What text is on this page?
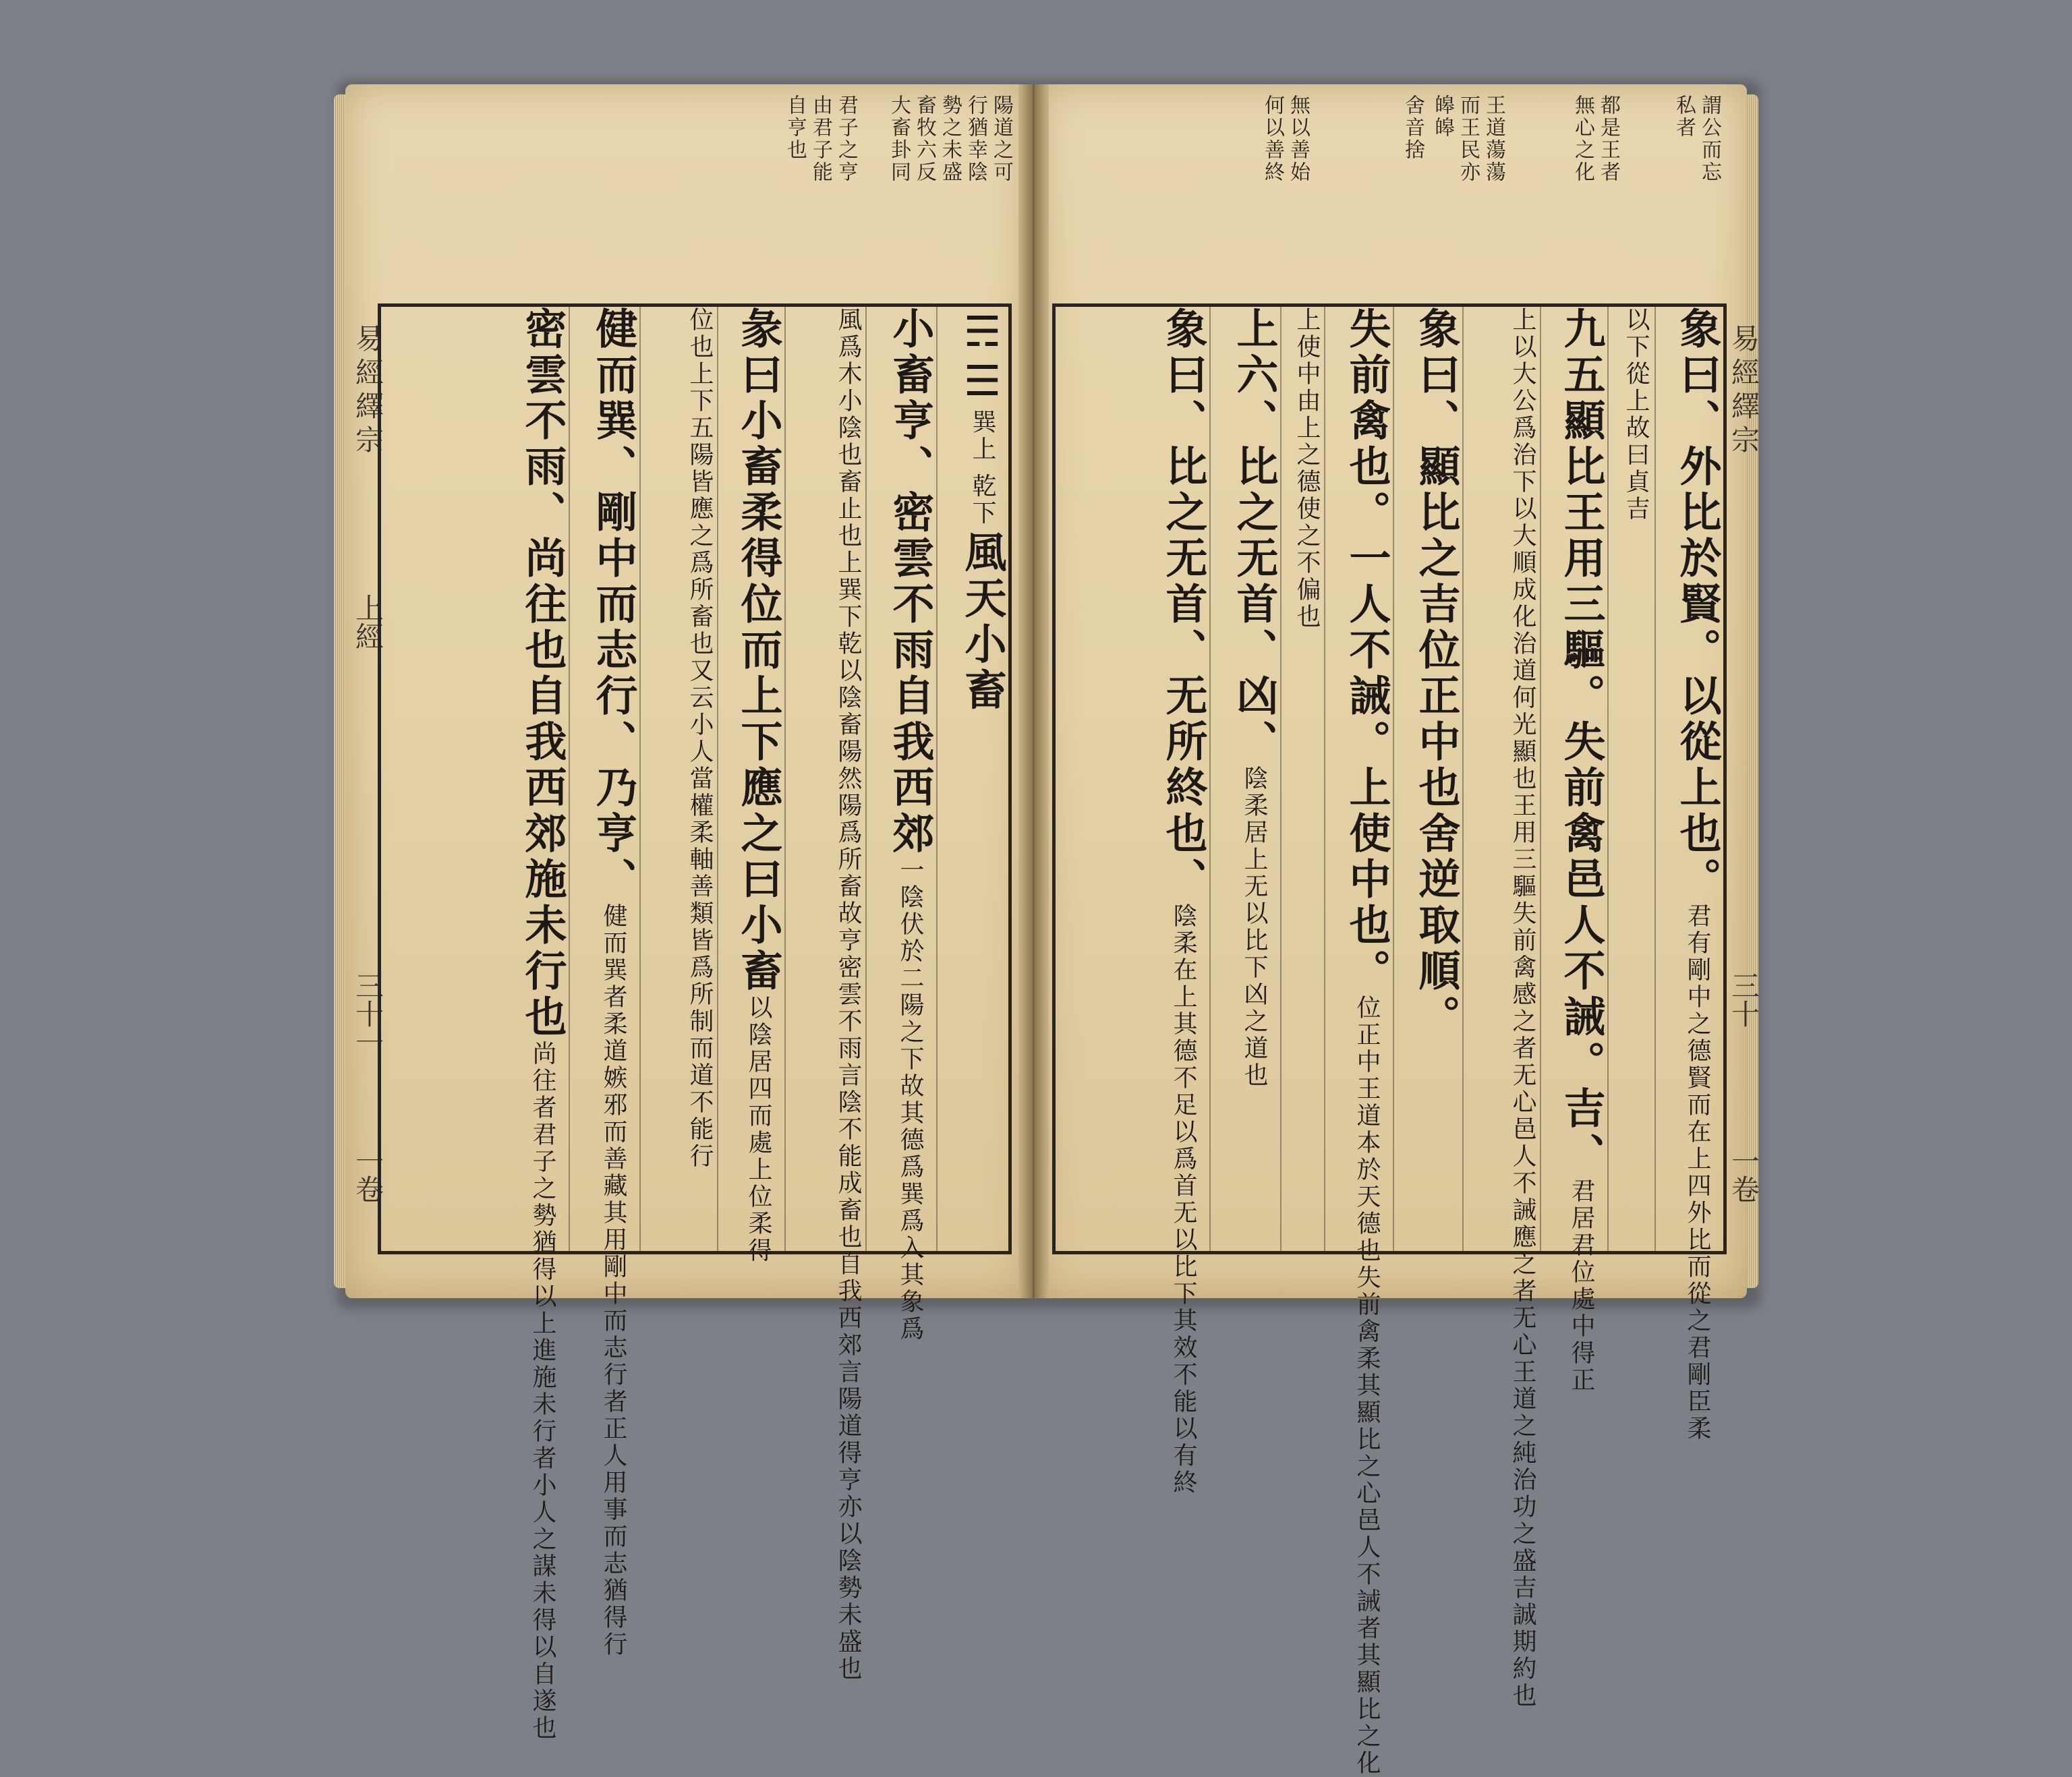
謂公而忘
私者
都是王者
無心之化
王道蕩蕩
而王民亦
皞皞
舍音捨
無以善始
何以善終
易經繹宗
三十
一卷
象曰、外比於賢。以從上也。君有剛中之德賢而在上四外比而從之君剛臣柔
以下從上故曰貞吉
九五顯比王用三驅。失前禽邑人不誡。吉、君居君位處中得正
上以大公爲治下以大順成化治道何光顯也王用三驅失前禽感之者无心邑人不誡應之者无心王道之純治功之盛吉誠期約也
象曰、顯比之吉位正中也舍逆取順。
失前禽也。一人不誡。上使中也。位正中王道本於天德也失前禽柔其顯比之心邑人不誡者其顯比之化
上使中由上之德使之不偏也
上六、比之无首、凶、陰柔居上无以比下凶之道也
象曰、比之无首、无所終也、陰柔在上其德不足以爲首无以比下其效不能以有終
陽道之可
行猶幸陰
勢之未盛
畜牧六反
大畜卦同
君子之亨
由君子能
自亨也
易經繹宗
上經
三十一
一卷
☴☰ 巽上 乾下 風天小畜
小畜亨、密雲不雨自我西郊一陰伏於二陽之下故其德爲巽爲入其象爲
風爲木小陰也畜止也上巽下乾以陰畜陽然陽爲所畜故亨密雲不雨言陰不能成畜也自我西郊言陽道得亨亦以陰勢未盛也
彖曰小畜柔得位而上下應之曰小畜以陰居四而處上位柔得
位也上下五陽皆應之爲所畜也又云小人當權柔軸善類皆爲所制而道不能行
健而巽、剛中而志行、乃亨、健而巽者柔道嫉邪而善藏其用剛中而志行者正人用事而志猶得行
密雲不雨、尚往也自我西郊施未行也尚往者君子之勢猶得以上進施未行者小人之謀未得以自遂也
